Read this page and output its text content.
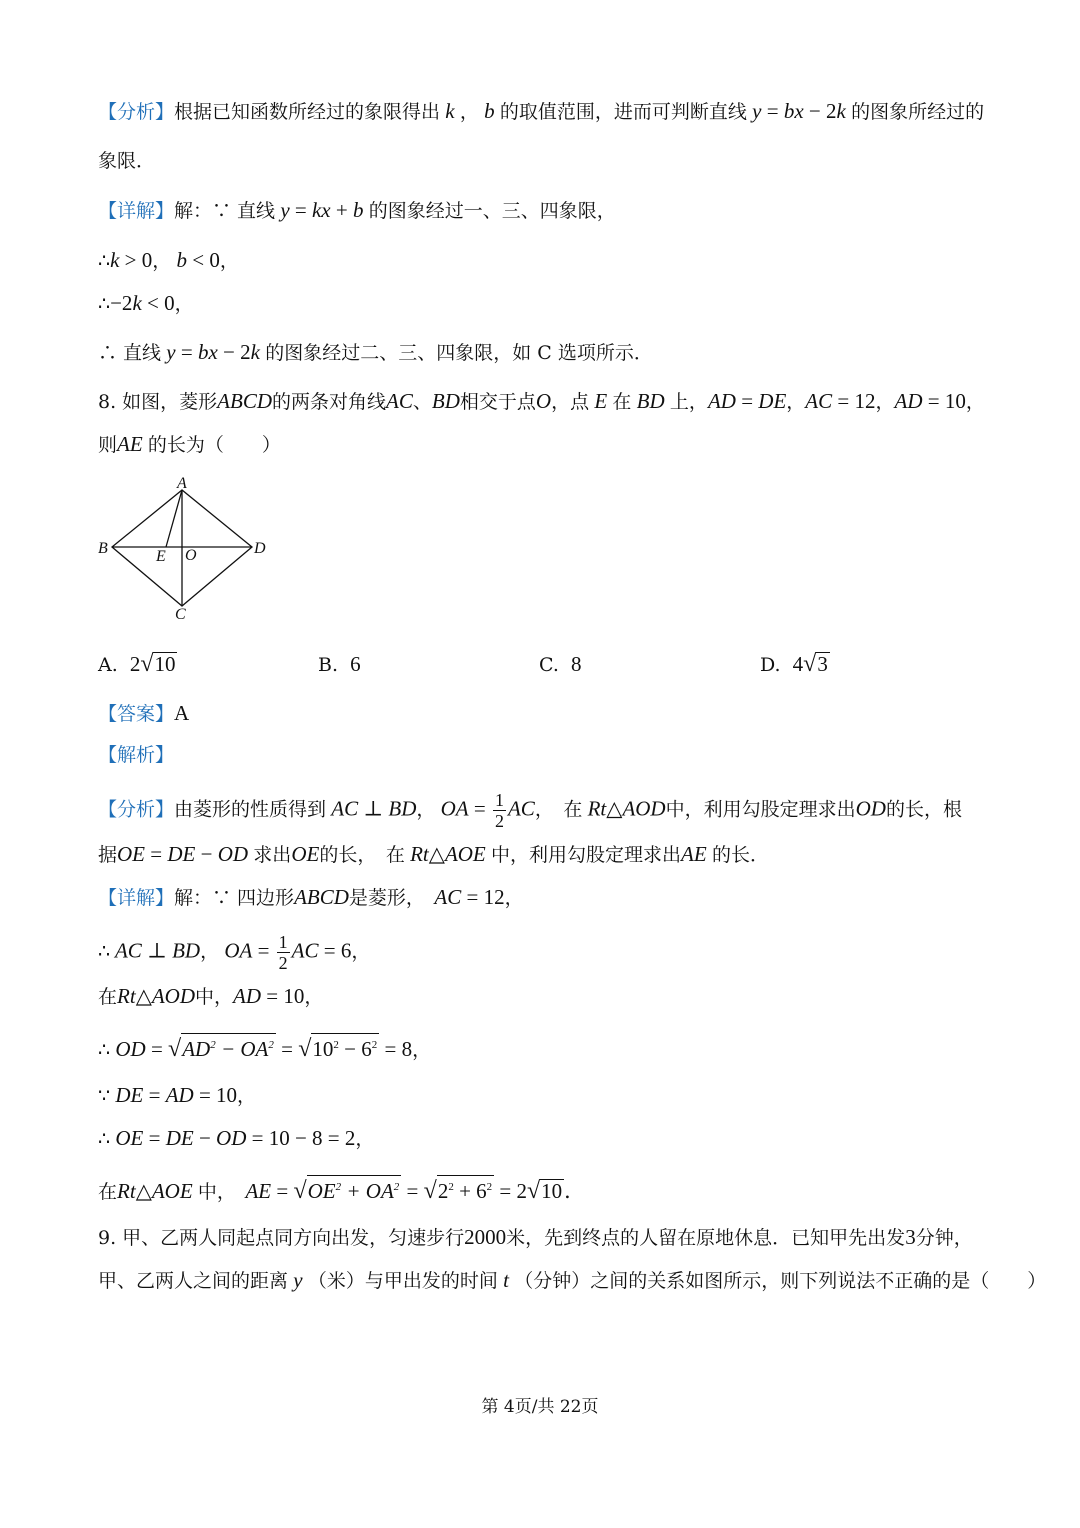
【分析】根据已知函数所经过的象限得出 k ， b 的取值范围，进而可判断直线 y = bx − 2k 的图象所经过的
象限．
【详解】解：∵ 直线 y = kx + b 的图象经过一、三、四象限，
∴k > 0， b < 0，
∴−2k < 0，
∴ 直线 y = bx − 2k 的图象经过二、三、四象限，如 C 选项所示．
8. 如图，菱形ABCD的两条对角线AC、BD相交于点O，点 E 在 BD 上，AD = DE，AC = 12，AD = 10，
则AE 的长为（　　）
A
B	E O	D
C
A. 2√10	B. 6	C. 8	D. 4√3
【答案】A
【解析】
【分析】由菱形的性质得到 AC ⊥ BD， OA = $\frac{1}{2}$ AC，　在 Rt△AOD中，利用勾股定理求出OD的长，根
据OE = DE − OD 求出OE的长，　 在 Rt△AOE 中，利用勾股定理求出AE 的长．
【详解】解：∵ 四边形ABCD是菱形，　 AC = 12，
∴ AC ⊥ BD， OA = $\frac{1}{2}$ AC = 6，
在Rt△AOD中，AD = 10，
∴ OD = $√AD^2 - OA^2 = √10^2 - 6^2 = 8$，
∵ DE = AD = 10，
∴ OE = DE − OD = 10 − 8 = 2，
在Rt△AOE 中，　 AE = $√OE^2 + OA^2 = √2^2 + 6^2 = 2√10$．
9. 甲、乙两人同起点同方向出发，匀速步行2000米，先到终点的人留在原地休息．已知甲先出发3分钟，
甲、乙两人之间的距离 y （米）与甲出发的时间 t （分钟）之间的关系如图所示，则下列说法不正确的是（　　）
第 4页/共 22页
